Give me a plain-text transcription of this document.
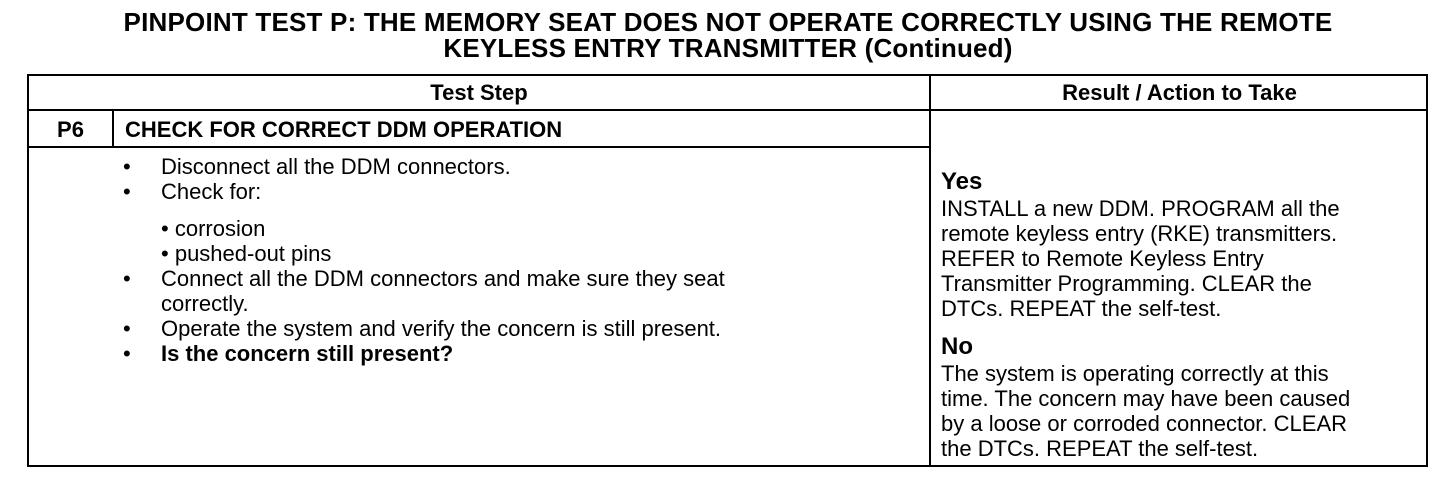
PINPOINT TEST P: THE MEMORY SEAT DOES NOT OPERATE CORRECTLY USING THE REMOTE
KEYLESS ENTRY TRANSMITTER (Continued)
Test Step	Result / Action to Take
P6	CHECK FOR CORRECT DDM OPERATION
• Disconnect all the DDM connectors.
• Check for:
• corrosion
• pushed-out pins
• Connect all the DDM connectors and make sure they seat
correctly.
• Operate the system and verify the concern is still present.
• Is the concern still present?
Yes
INSTALL a new DDM. PROGRAM all the
remote keyless entry (RKE) transmitters.
REFER to Remote Keyless Entry
Transmitter Programming. CLEAR the
DTCs. REPEAT the self-test.
No
The system is operating correctly at this
time. The concern may have been caused
by a loose or corroded connector. CLEAR
the DTCs. REPEAT the self-test.
